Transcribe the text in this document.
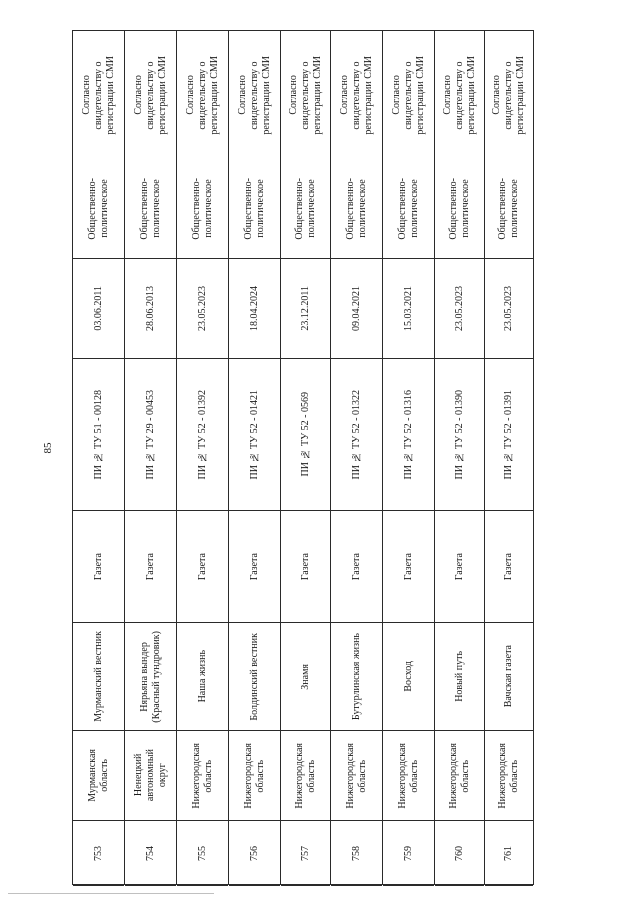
85
753
Мурманская
область
Мурманский вестник
Газета
ПИ № ТУ 51 - 00128
03.06.2011
Общественно-
политическое
Согласно
свидетельству о
регистрации СМИ
754
Ненецкий
автономный
округ
Нярьяна вындер
(Красный тундровик)
Газета
ПИ № ТУ 29 - 00453
28.06.2013
Общественно-
политическое
Согласно
свидетельству о
регистрации СМИ
755
Нижегородская
область
Наша жизнь
Газета
ПИ № ТУ 52 - 01392
23.05.2023
Общественно-
политическое
Согласно
свидетельству о
регистрации СМИ
756
Нижегородская
область
Болдинский вестник
Газета
ПИ № ТУ 52 - 01421
18.04.2024
Общественно-
политическое
Согласно
свидетельству о
регистрации СМИ
757
Нижегородская
область
Знамя
Газета
ПИ № ТУ 52 - 0569
23.12.2011
Общественно-
политическое
Согласно
свидетельству о
регистрации СМИ
758
Нижегородская
область
Бутурлинская жизнь
Газета
ПИ № ТУ 52 - 01322
09.04.2021
Общественно-
политическое
Согласно
свидетельству о
регистрации СМИ
759
Нижегородская
область
Восход
Газета
ПИ № ТУ 52 - 01316
15.03.2021
Общественно-
политическое
Согласно
свидетельству о
регистрации СМИ
760
Нижегородская
область
Новый путь
Газета
ПИ № ТУ 52 - 01390
23.05.2023
Общественно-
политическое
Согласно
свидетельству о
регистрации СМИ
761
Нижегородская
область
Вачская газета
Газета
ПИ № ТУ 52 - 01391
23.05.2023
Общественно-
политическое
Согласно
свидетельству о
регистрации СМИ
